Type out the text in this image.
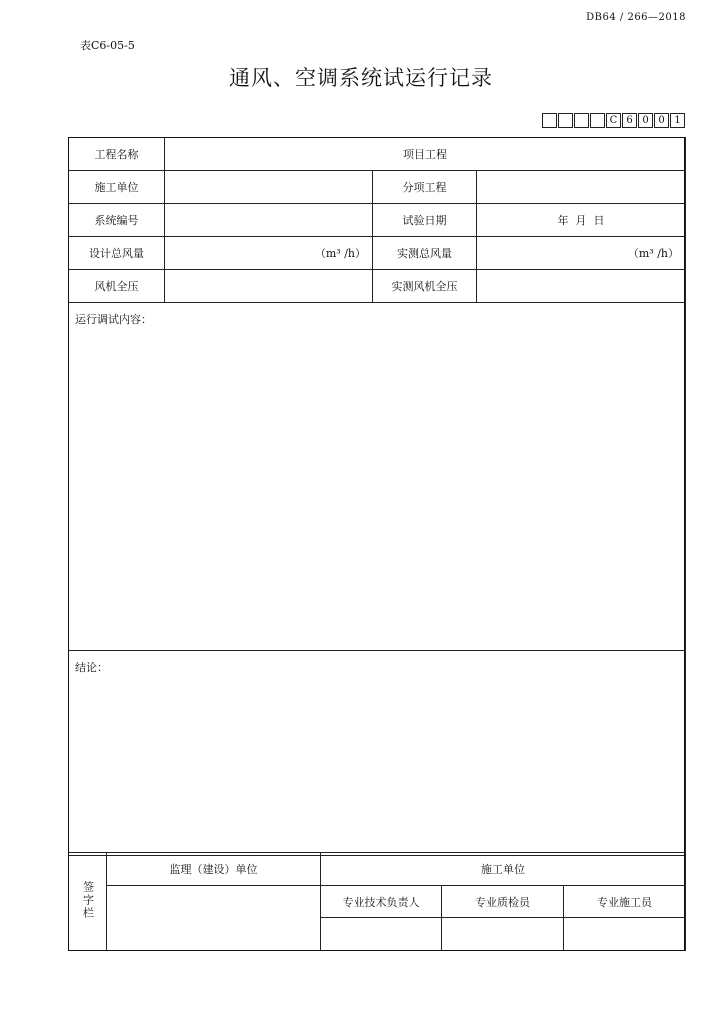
DB64 / 266—2018
表C6-05-5
通风、空调系统试运行记录
C 6 0 0 1
工程名称	项目工程		
施工单位		分项工程	
系统编号		试验日期	年  月  日
设计总风量	（m³ /h）	实测总风量	（m³ /h）
风机全压		实测风机全压	
运行调试内容：			
结论：			
签字栏	监理（建设）单位	施工单位		
		专业技术负责人	专业质检员	专业施工员
